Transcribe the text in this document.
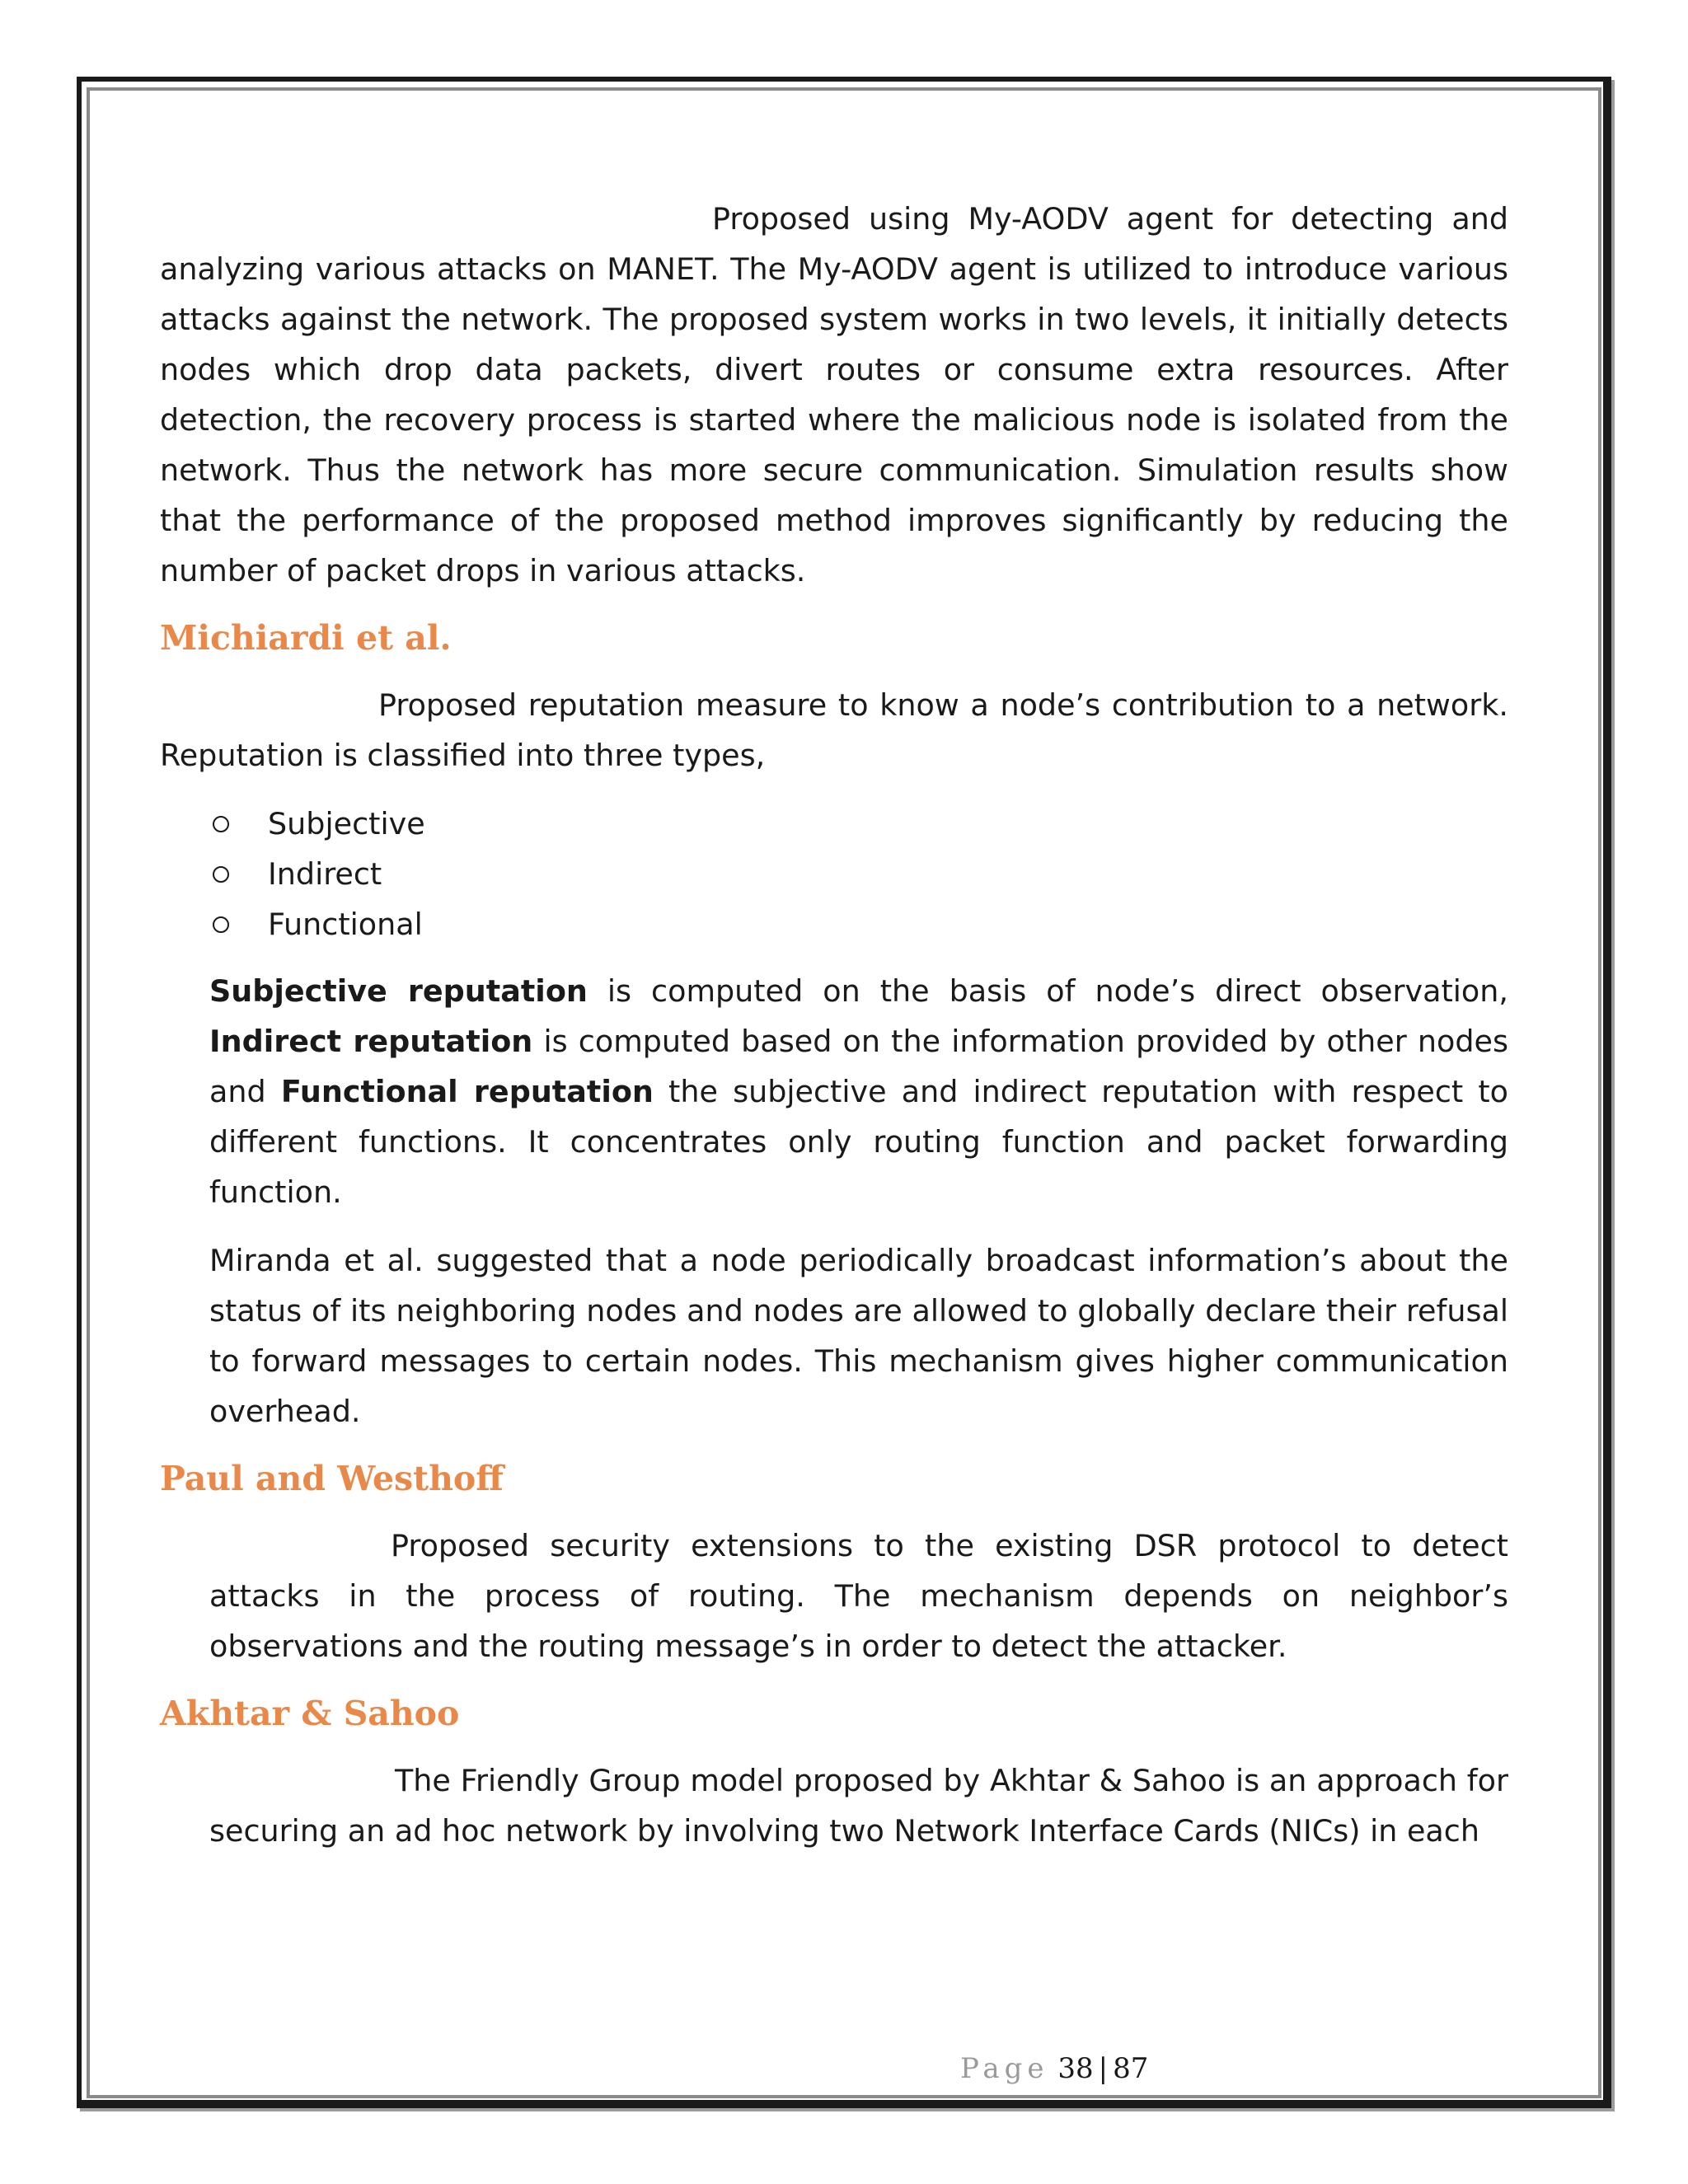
Proposed using My-AODV agent for detecting and analyzing various attacks on MANET. The My-AODV agent is utilized to introduce various attacks against the network. The proposed system works in two levels, it initially detects nodes which drop data packets, divert routes or consume extra resources. After detection, the recovery process is started where the malicious node is isolated from the network. Thus the network has more secure communication. Simulation results show that the performance of the proposed method improves significantly by reducing the number of packet drops in various attacks.

Michiardi et al.

Proposed reputation measure to know a node’s contribution to a network. Reputation is classified into three types,

Subjective
Indirect
Functional

Subjective reputation is computed on the basis of node’s direct observation, Indirect reputation is computed based on the information provided by other nodes and Functional reputation the subjective and indirect reputation with respect to different functions. It concentrates only routing function and packet forwarding function.

Miranda et al. suggested that a node periodically broadcast information’s about the status of its neighboring nodes and nodes are allowed to globally declare their refusal to forward messages to certain nodes. This mechanism gives higher communication overhead.

Paul and Westhoff

Proposed security extensions to the existing DSR protocol to detect attacks in the process of routing. The mechanism depends on neighbor’s observations and the routing message’s in order to detect the attacker.

Akhtar & Sahoo

The Friendly Group model proposed by Akhtar & Sahoo is an approach for securing an ad hoc network by involving two Network Interface Cards (NICs) in each

Page 38 | 87
